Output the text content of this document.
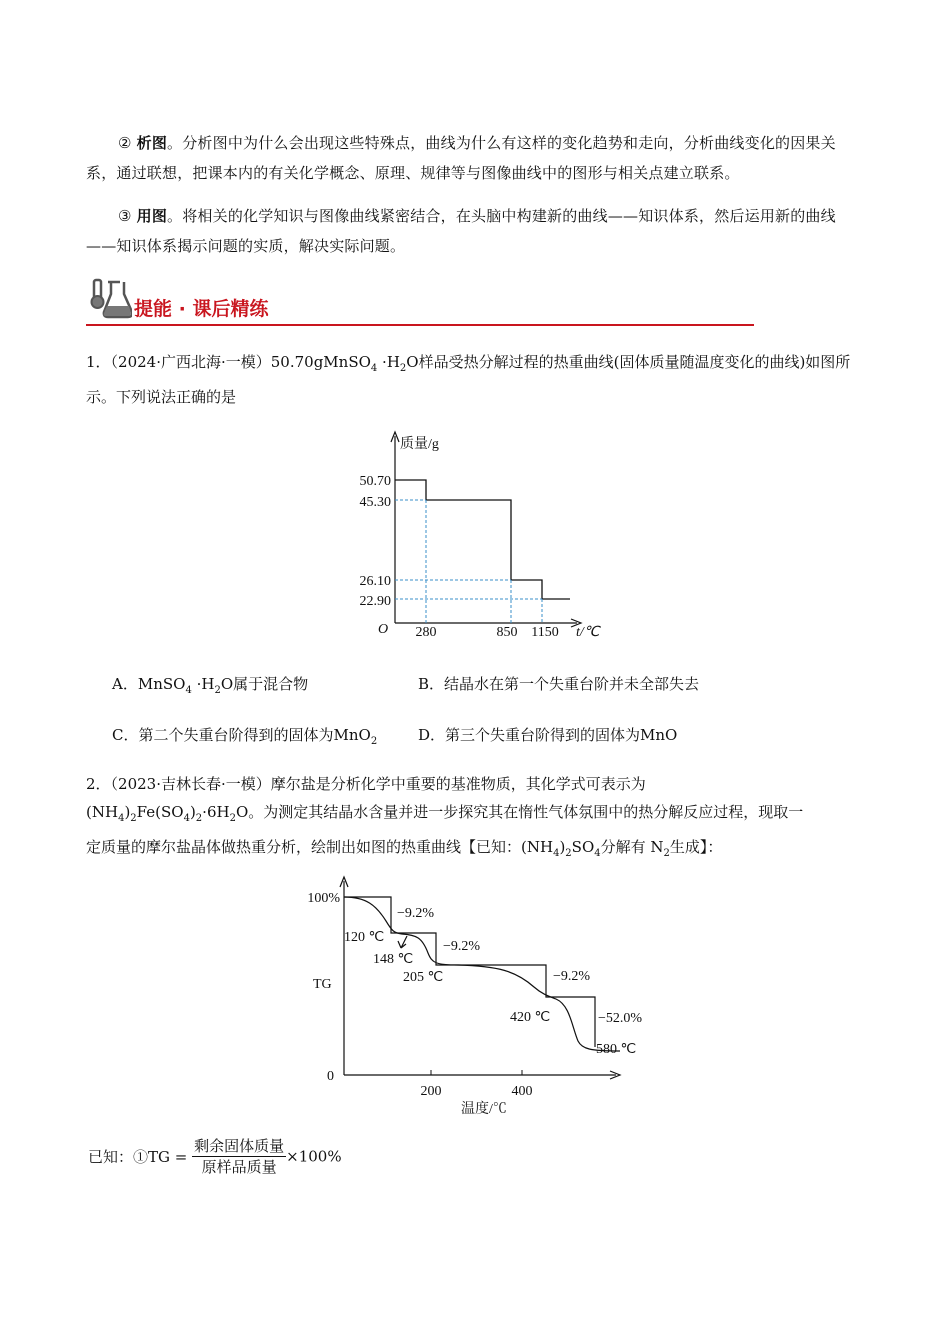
② 析图。分析图中为什么会出现这些特殊点，曲线为什么有这样的变化趋势和走向，分析曲线变化的因果关系，通过联想，把课本内的有关化学概念、原理、规律等与图像曲线中的图形与相关点建立联系。
③ 用图。将相关的化学知识与图像曲线紧密结合，在头脑中构建新的曲线——知识体系，然后运用新的曲线——知识体系揭示问题的实质，解决实际问题。
提能 · 课后精练
1．（2024·广西北海·一模）50.70gMnSO$_4$ $\cdot H_2O$样品受热分解过程的热重曲线(固体质量随温度变化的曲线)如图所示。下列说法正确的是
质量/g
50.70
45.30
26.10
22.90
O 280	850 1150 t/℃
A．MnSO$_4$ $\cdot H_2O$属于混合物	B．结晶水在第一个失重台阶并未全部失去
C．第二个失重台阶得到的固体为MnO$_2$	D．第三个失重台阶得到的固体为MnO
2．（2023·吉林长春·一模）摩尔盐是分析化学中重要的基准物质，其化学式可表示为
$(NH_4)_2Fe(SO_4)_2\cdot 6H_2O$。为测定其结晶水含量并进一步探究其在惰性气体氛围中的热分解反应过程，现取一
定质量的摩尔盐晶体做热重分析，绘制出如图的热重曲线【已知：$(NH_4)_2SO_4$分解有 $N_2$生成】：
100%
TG
0
200	400
温度/℃
−9.2%
−9.2%
−9.2%
−52.0%
120 ℃
148 ℃
205 ℃
420 ℃
580 ℃
已知：①TG = $\frac{\text{剩余固体质量}}{\text{原样品质量}} \times 100\%$
